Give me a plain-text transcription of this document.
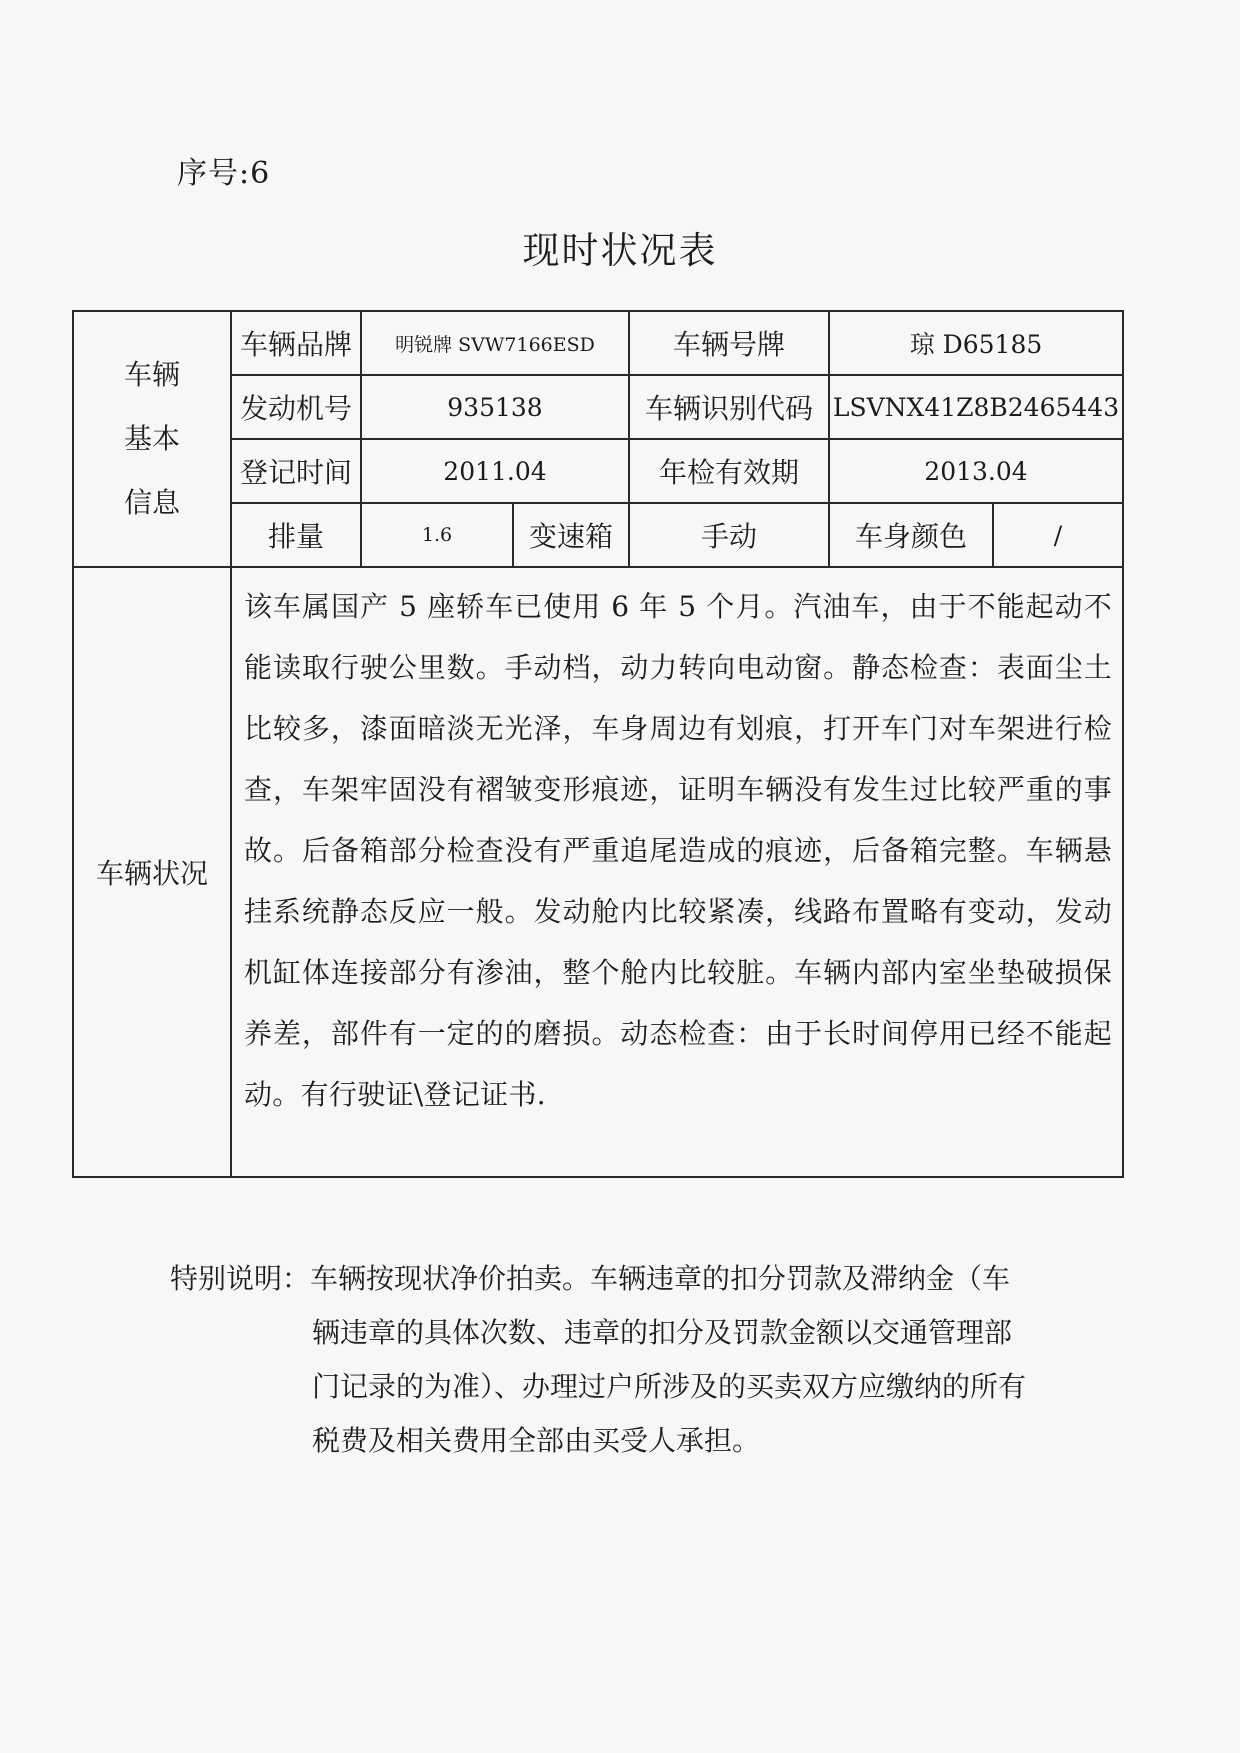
序号:6
现时状况表
车辆
基本
信息	车辆品牌	明锐牌 SVW7166ESD		车辆号牌	琼 D65185	
	发动机号	935138		车辆识别代码	LSVNX41Z8B2465443	
	登记时间	2011.04		年检有效期	2013.04	
	排量	1.6	变速箱	手动	车身颜色	/
车辆状况	该车属国产 5 座轿车已使用 6 年 5 个月。汽油车，由于不能起动不能读取行驶公里数。手动档，动力转向电动窗。静态检查：表面尘土比较多，漆面暗淡无光泽，车身周边有划痕，打开车门对车架进行检查，车架牢固没有褶皱变形痕迹，证明车辆没有发生过比较严重的事故。后备箱部分检查没有严重追尾造成的痕迹，后备箱完整。车辆悬挂系统静态反应一般。发动舱内比较紧凑，线路布置略有变动，发动机缸体连接部分有渗油，整个舱内比较脏。车辆内部内室坐垫破损保养差，部件有一定的的磨损。动态检查：由于长时间停用已经不能起动。有行驶证\登记证书.					
特别说明：车辆按现状净价拍卖。车辆违章的扣分罚款及滞纳金（车辆违章的具体次数、违章的扣分及罚款金额以交通管理部门记录的为准）、办理过户所涉及的买卖双方应缴纳的所有税费及相关费用全部由买受人承担。
